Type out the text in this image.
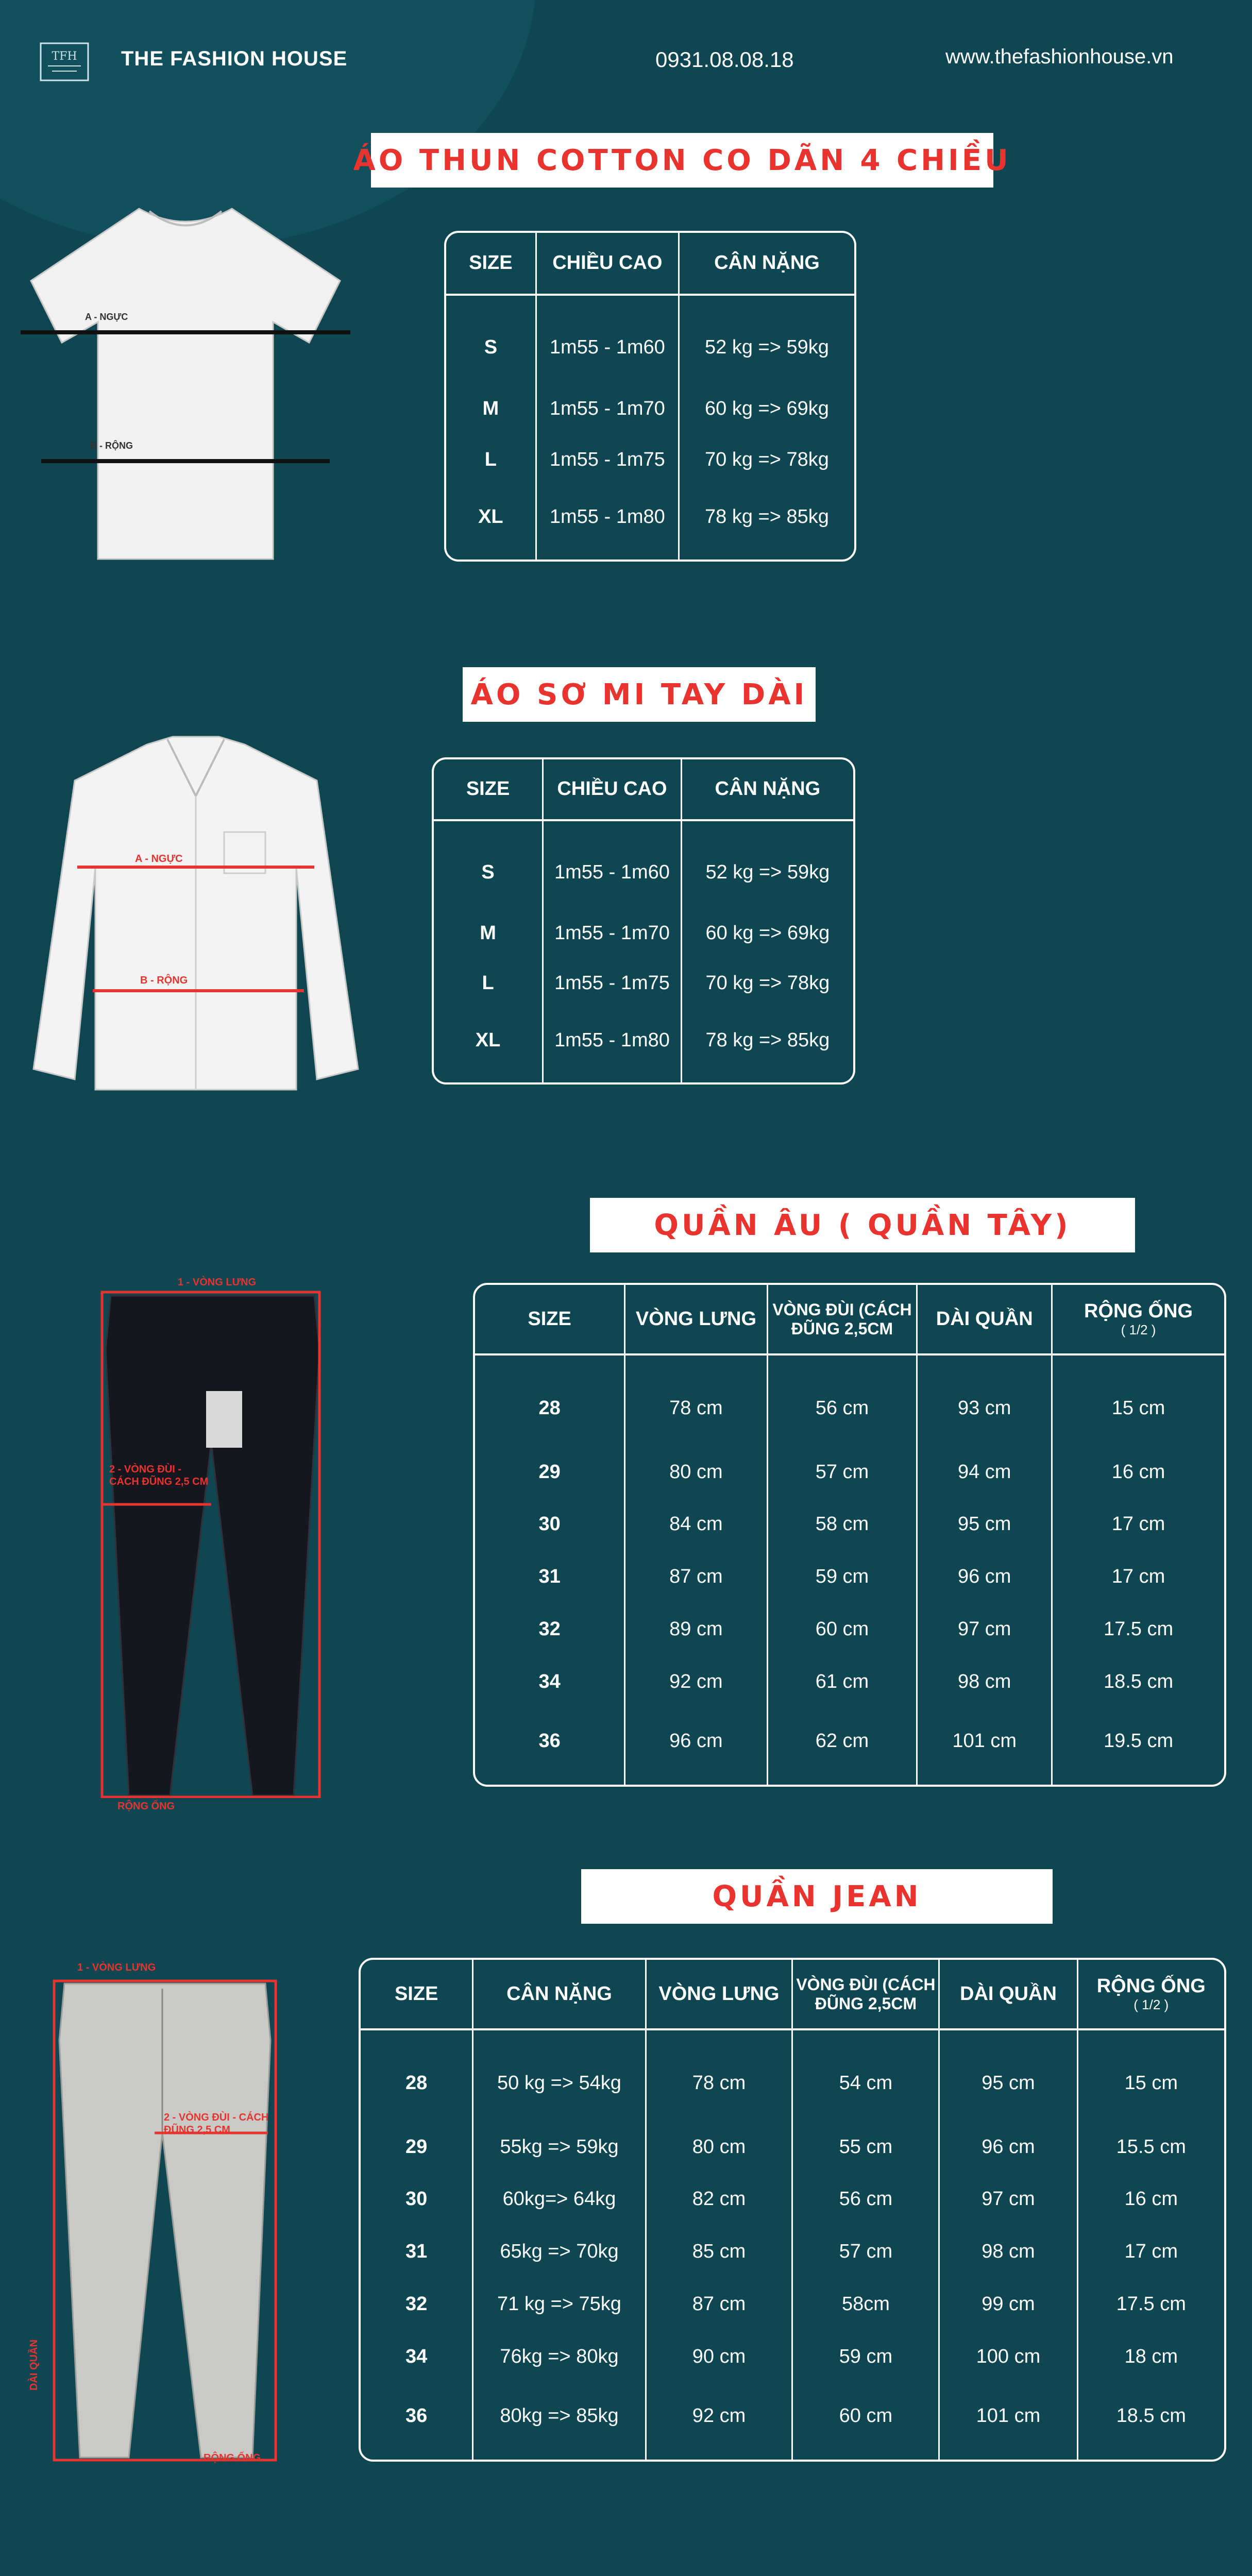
TFH THE FASHION HOUSE	0931.08.08.18	www.thefashionhouse.vn
ÁO THUN COTTON CO DÃN 4 CHIỀU
A - NGỰC
B - RỘNG
SIZE	CHIỀU CAO	CÂN NẶNG
S	1m55 - 1m60	52 kg => 59kg
M	1m55 - 1m70	60 kg => 69kg
L	1m55 - 1m75	70 kg => 78kg
XL	1m55 - 1m80	78 kg => 85kg
ÁO SƠ MI TAY DÀI
A - NGỰC
B - RỘNG
SIZE	CHIỀU CAO	CÂN NẶNG
S	1m55 - 1m60	52 kg => 59kg
M	1m55 - 1m70	60 kg => 69kg
L	1m55 - 1m75	70 kg => 78kg
XL	1m55 - 1m80	78 kg => 85kg
QUẦN ÂU ( QUẦN TÂY)
1 - VÒNG LƯNG
2 - VÒNG ĐÙI - CÁCH ĐŨNG 2,5 CM
RỘNG ỐNG
SIZE	VÒNG LƯNG	VÒNG ĐÙI (CÁCH ĐŨNG 2,5CM	DÀI QUẦN	RỘNG ỐNG
( 1/2 )

28	78 cm	56 cm	93 cm	15 cm
29	80 cm	57 cm	94 cm	16 cm
30	84 cm	58 cm	95 cm	17 cm
31	87 cm	59 cm	96 cm	17 cm
32	89 cm	60 cm	97 cm	17.5 cm
34	92 cm	61 cm	98 cm	18.5 cm
36	96 cm	62 cm	101 cm	19.5 cm
QUẦN JEAN
1 - VÒNG LƯNG
2 - VÒNG ĐÙI - CÁCH ĐŨNG 2,5 CM
DÀI QUẦN
RỘNG ỐNG
SIZE	CÂN NẶNG	VÒNG LƯNG	VÒNG ĐÙI (CÁCH ĐŨNG 2,5CM	DÀI QUẦN	RỘNG ỐNG
( 1/2 )

28	50 kg => 54kg	78 cm	54 cm	95 cm	15 cm
29	55kg => 59kg	80 cm	55 cm	96 cm	15.5 cm
30	60kg=> 64kg	82 cm	56 cm	97 cm	16 cm
31	65kg => 70kg	85 cm	57 cm	98 cm	17 cm
32	71 kg => 75kg	87 cm	58cm	99 cm	17.5 cm
34	76kg => 80kg	90 cm	59 cm	100 cm	18 cm
36	80kg => 85kg	92 cm	60 cm	101 cm	18.5 cm
